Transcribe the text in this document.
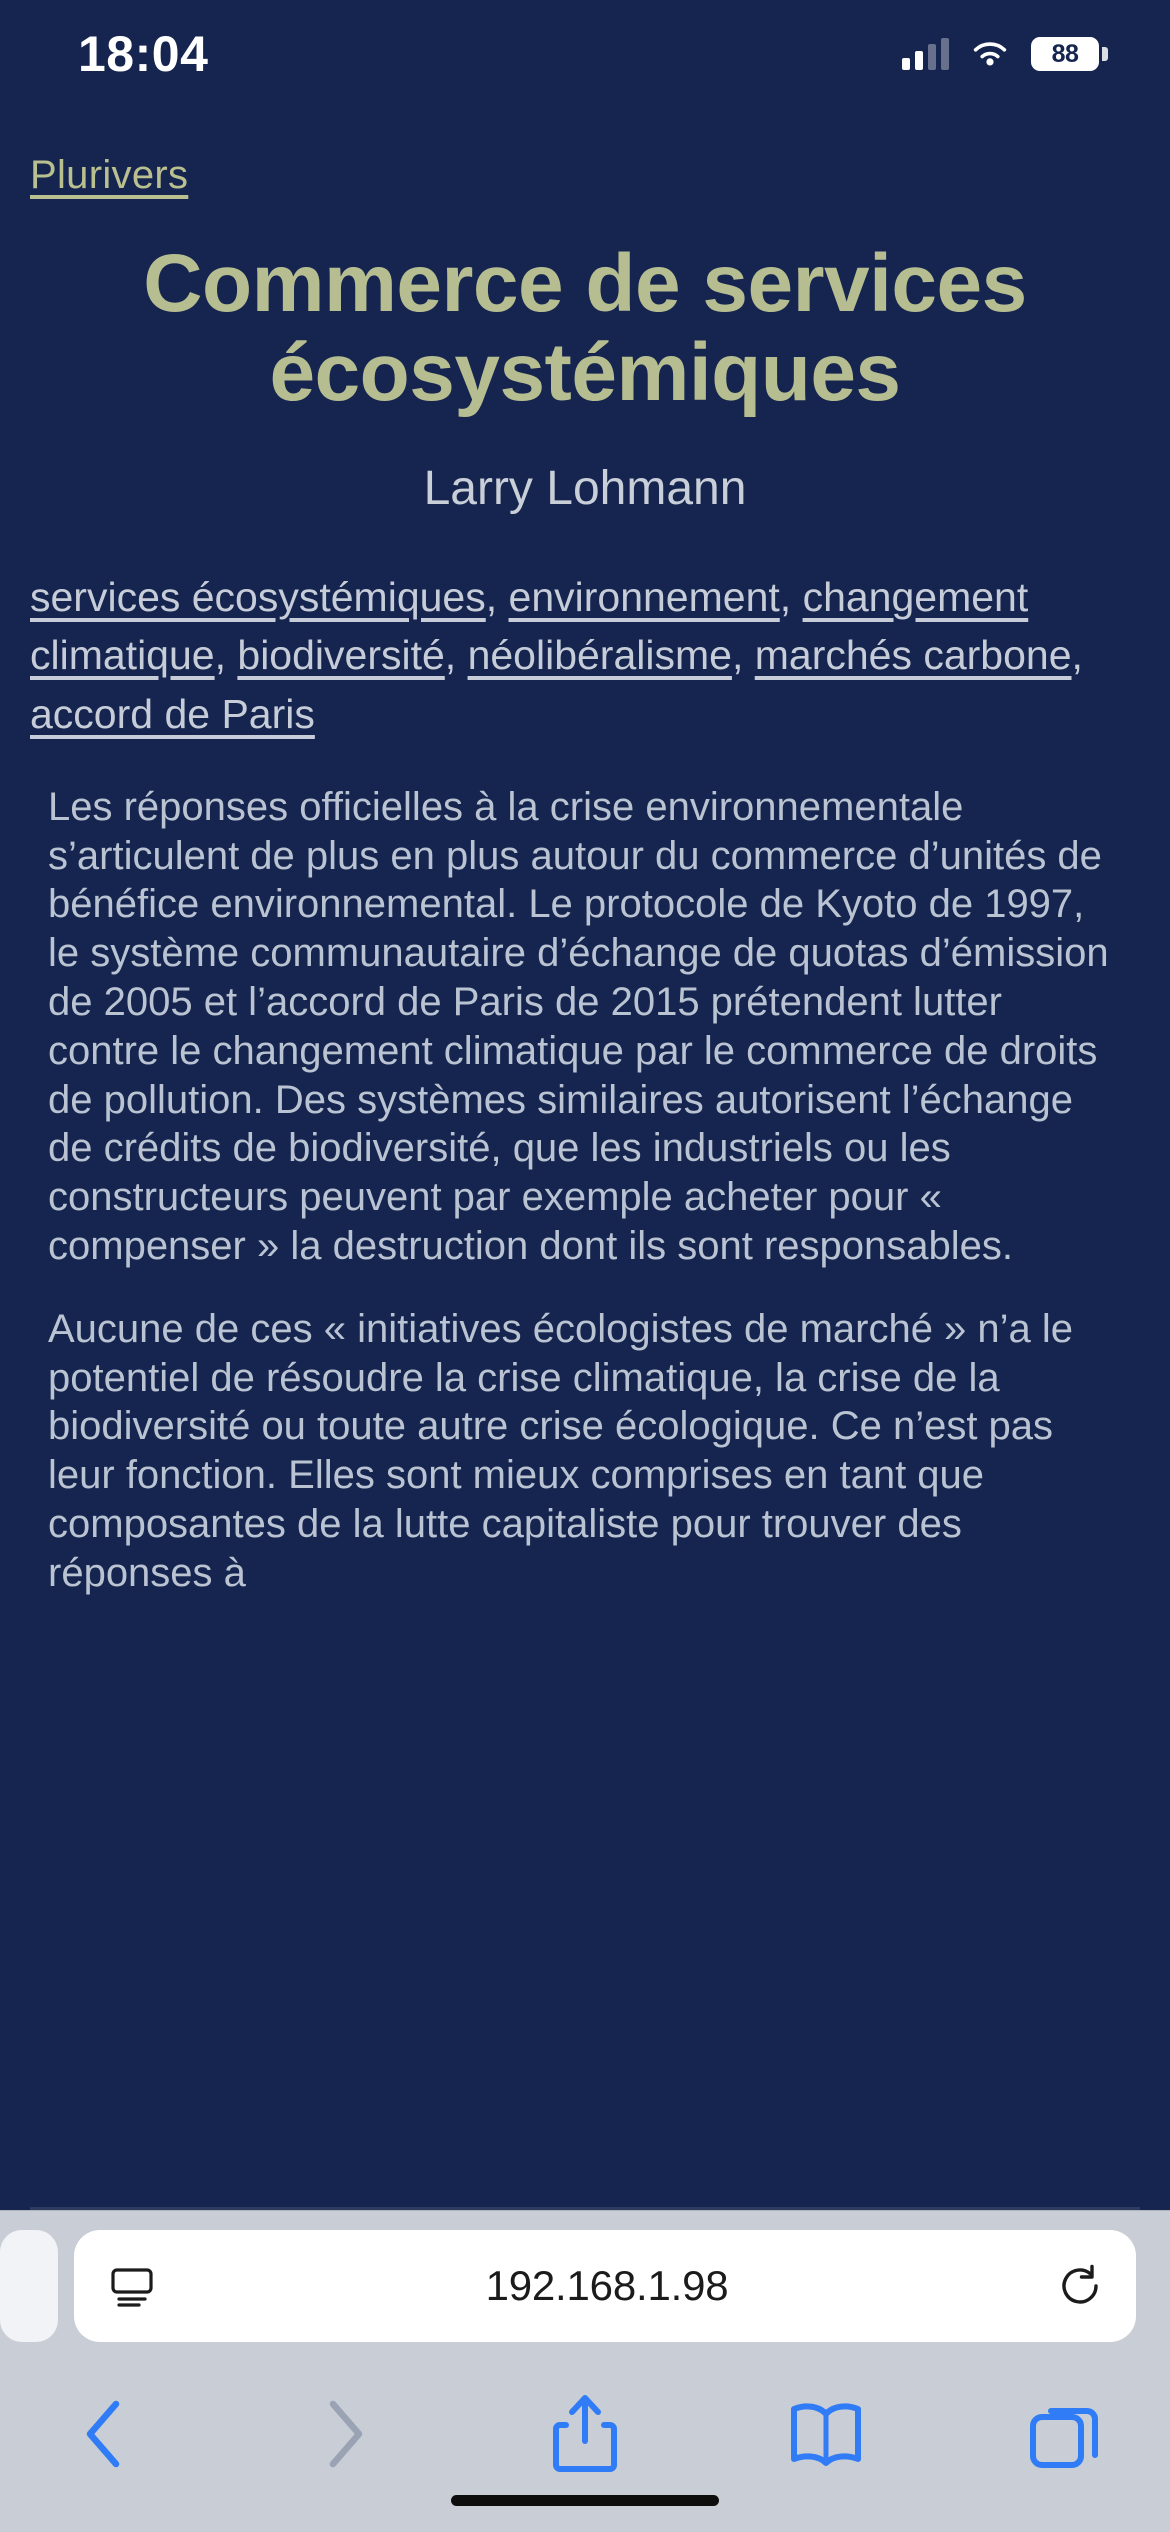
18:04	88
Plurivers
Commerce de services écosystémiques
Larry Lohmann
services écosystémiques, environnement, changement climatique, biodiversité, néolibéralisme, marchés carbone, accord de Paris

Les réponses officielles à la crise environnementale s’articulent de plus en plus autour du commerce d’unités de bénéfice environnemental. Le protocole de Kyoto de 1997, le système communautaire d’échange de quotas d’émission de 2005 et l’accord de Paris de 2015 prétendent lutter contre le changement climatique par le commerce de droits de pollution. Des systèmes similaires autorisent l’échange de crédits de biodiversité, que les industriels ou les constructeurs peuvent par exemple acheter pour « compenser » la destruction dont ils sont responsables.

Aucune de ces « initiatives écologistes de marché » n’a le potentiel de résoudre la crise climatique, la crise de la biodiversité ou toute autre crise écologique. Ce n’est pas leur fonction. Elles sont mieux comprises en tant que composantes de la lutte capitaliste pour trouver des réponses à

192.168.1.98
